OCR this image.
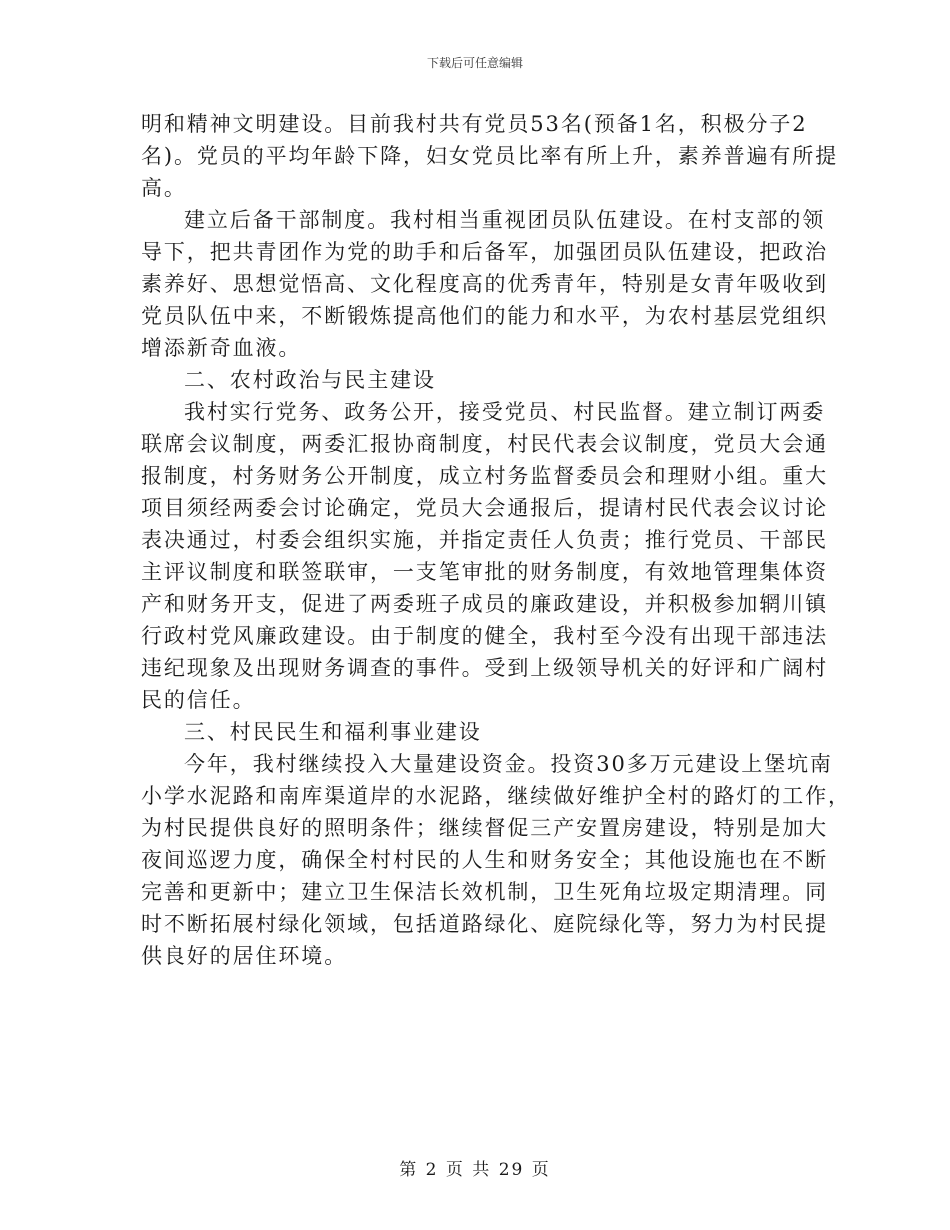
下载后可任意编辑
明和精神文明建设。目前我村共有党员53名(预备1名，积极分子2
名)。党员的平均年龄下降，妇女党员比率有所上升，素养普遍有所提
高。
建立后备干部制度。我村相当重视团员队伍建设。在村支部的领
导下，把共青团作为党的助手和后备军，加强团员队伍建设，把政治
素养好、思想觉悟高、文化程度高的优秀青年，特别是女青年吸收到
党员队伍中来，不断锻炼提高他们的能力和水平，为农村基层党组织
增添新奇血液。
二、农村政治与民主建设
我村实行党务、政务公开，接受党员、村民监督。建立制订两委
联席会议制度，两委汇报协商制度，村民代表会议制度，党员大会通
报制度，村务财务公开制度，成立村务监督委员会和理财小组。重大
项目须经两委会讨论确定，党员大会通报后，提请村民代表会议讨论
表决通过，村委会组织实施，并指定责任人负责；推行党员、干部民
主评议制度和联签联审，一支笔审批的财务制度，有效地管理集体资
产和财务开支，促进了两委班子成员的廉政建设，并积极参加辋川镇
行政村党风廉政建设。由于制度的健全，我村至今没有出现干部违法
违纪现象及出现财务调查的事件。受到上级领导机关的好评和广阔村
民的信任。
三、村民民生和福利事业建设
今年，我村继续投入大量建设资金。投资30多万元建设上堡坑南
小学水泥路和南库渠道岸的水泥路，继续做好维护全村的路灯的工作，
为村民提供良好的照明条件；继续督促三产安置房建设，特别是加大
夜间巡逻力度，确保全村村民的人生和财务安全；其他设施也在不断
完善和更新中；建立卫生保洁长效机制，卫生死角垃圾定期清理。同
时不断拓展村绿化领域，包括道路绿化、庭院绿化等，努力为村民提
供良好的居住环境。
第 2 页 共 29 页
